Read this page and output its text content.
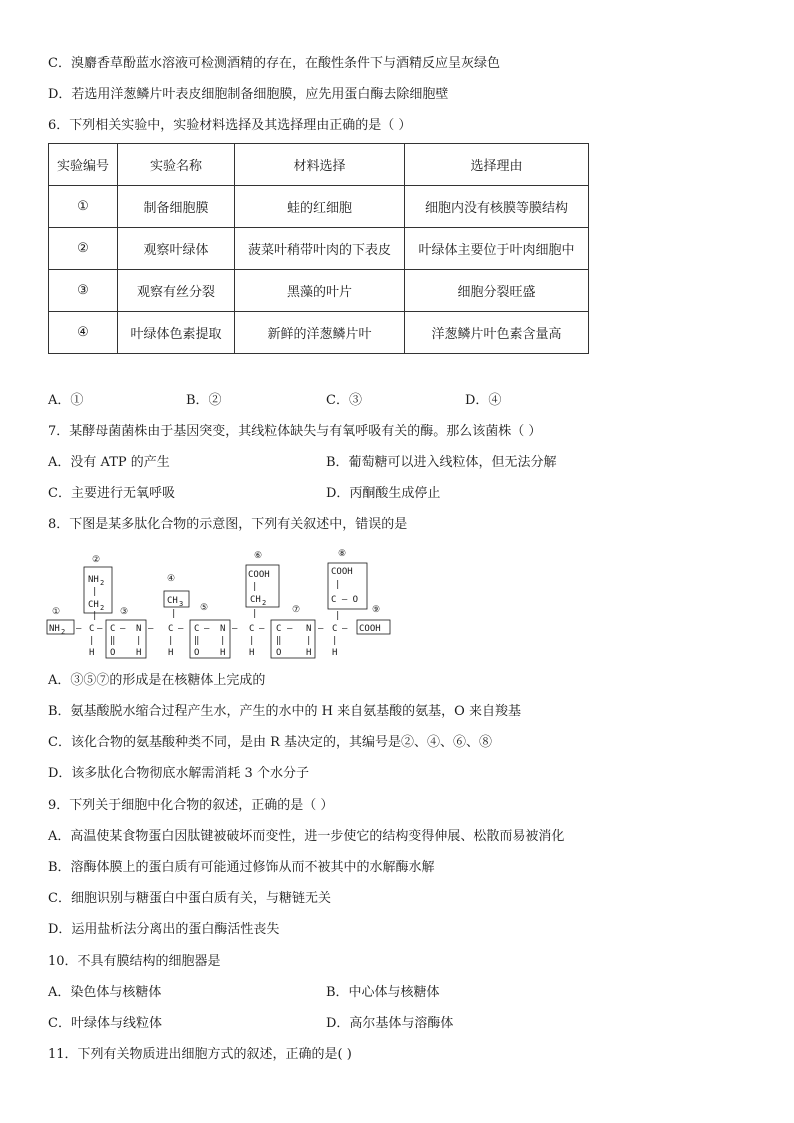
C．溴麝香草酚蓝水溶液可检测酒精的存在，在酸性条件下与酒精反应呈灰绿色
D．若选用洋葱鳞片叶表皮细胞制备细胞膜，应先用蛋白酶去除细胞壁
6．下列相关实验中，实验材料选择及其选择理由正确的是（ ）
实验编号	实验名称	材料选择	选择理由
①	制备细胞膜	蛙的红细胞	细胞内没有核膜等膜结构
②	观察叶绿体	菠菜叶稍带叶肉的下表皮	叶绿体主要位于叶肉细胞中
③	观察有丝分裂	黑藻的叶片	细胞分裂旺盛
④	叶绿体色素提取	新鲜的洋葱鳞片叶	洋葱鳞片叶色素含量高
A．①	B．②	C．③	D．④
7．某酵母菌菌株由于基因突变，其线粒体缺失与有氧呼吸有关的酶。那么该菌株（ ）
A．没有 ATP 的产生	B．葡萄糖可以进入线粒体，但无法分解
C．主要进行无氧呼吸	D．丙酮酸生成停止
8．下图是某多肽化合物的示意图，下列有关叙述中，错误的是
②
④
⑥	⑧
①	③	⑤	⑦	⑨
NH 2
|
CH 2
CH 3
COOH
|
CH 2
COOH
|
C — O
|	|	|	|
NH 2 — C — C — N — C — C — N — C — C — N — C — COOH
| ‖ |	| ‖ |	| ‖	| |
H O H	H O H	H O	H H
A．③⑤⑦的形成是在核糖体上完成的
B．氨基酸脱水缩合过程产生水，产生的水中的 H 来自氨基酸的氨基，O 来自羧基
C．该化合物的氨基酸种类不同，是由 R 基决定的，其编号是②、④、⑥、⑧
D．该多肽化合物彻底水解需消耗 3 个水分子
9．下列关于细胞中化合物的叙述，正确的是（ ）
A．高温使某食物蛋白因肽键被破坏而变性，进一步使它的结构变得伸展、松散而易被消化
B．溶酶体膜上的蛋白质有可能通过修饰从而不被其中的水解酶水解
C．细胞识别与糖蛋白中蛋白质有关，与糖链无关
D．运用盐析法分离出的蛋白酶活性丧失
10．不具有膜结构的细胞器是
A．染色体与核糖体	B．中心体与核糖体
C．叶绿体与线粒体	D．高尔基体与溶酶体
11．下列有关物质进出细胞方式的叙述，正确的是( )
